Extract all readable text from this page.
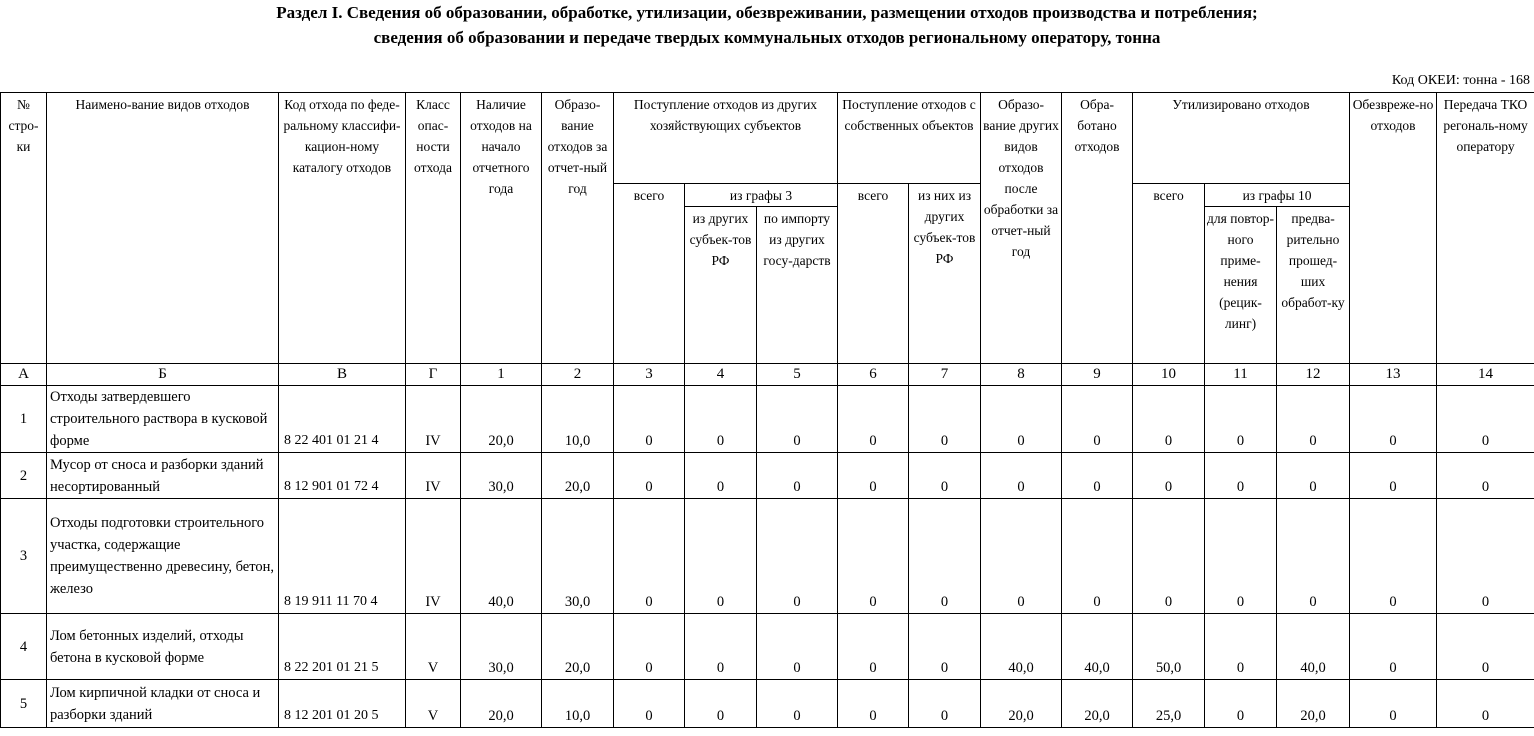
Раздел I. Сведения об образовании, обработке, утилизации, обезвреживании, размещении отходов производства и потребления;
сведения об образовании и передаче твердых коммунальных отходов региональному оператору, тонна
Код ОКЕИ: тонна - 168
№ стро-ки	Наимено-вание видов отходов	Код отхода по феде-ральному классифи-кацион-ному каталогу отходов	Класс опас-ности отхода	Наличие отходов на начало отчетного года	Образо-вание отходов за отчет-ный год	Поступление отходов из других хозяйствующих субъектов			Поступление отходов с собственных объектов		Образо-вание других видов отходов после обработки за отчет-ный год	Обра-ботано отходов	Утилизировано отходов			Обезвреже-но отходов	Передача ТКО регональ-ному оператору
						всего	из графы 3		всего	из них из других субъек-тов РФ			всего	из графы 10			
							из других субъек-тов РФ	по импорту из других госу-дарств						для повтор-ного приме-нения (рецик-линг)	предва-рительно прошед-ших обработ-ку		
А	Б	В	Г	1	2	3	4	5	6	7	8	9	10	11	12	13	14
1	Отходы затвердевшего строительного раствора в кусковой форме	8 22 401 01 21 4	IV	20,0	10,0	0	0	0	0	0	0	0	0	0	0	0	0
2	Мусор от сноса и разборки зданий несортированный	8 12 901 01 72 4	IV	30,0	20,0	0	0	0	0	0	0	0	0	0	0	0	0
3	Отходы подготовки строительного участка, содержащие преимущественно древесину, бетон, железо	8 19 911 11 70 4	IV	40,0	30,0	0	0	0	0	0	0	0	0	0	0	0	0
4	Лом бетонных изделий, отходы бетона в кусковой форме	8 22 201 01 21 5	V	30,0	20,0	0	0	0	0	0	40,0	40,0	50,0	0	40,0	0	0
5	Лом кирпичной кладки от сноса и разборки зданий	8 12 201 01 20 5	V	20,0	10,0	0	0	0	0	0	20,0	20,0	25,0	0	20,0	0	0
